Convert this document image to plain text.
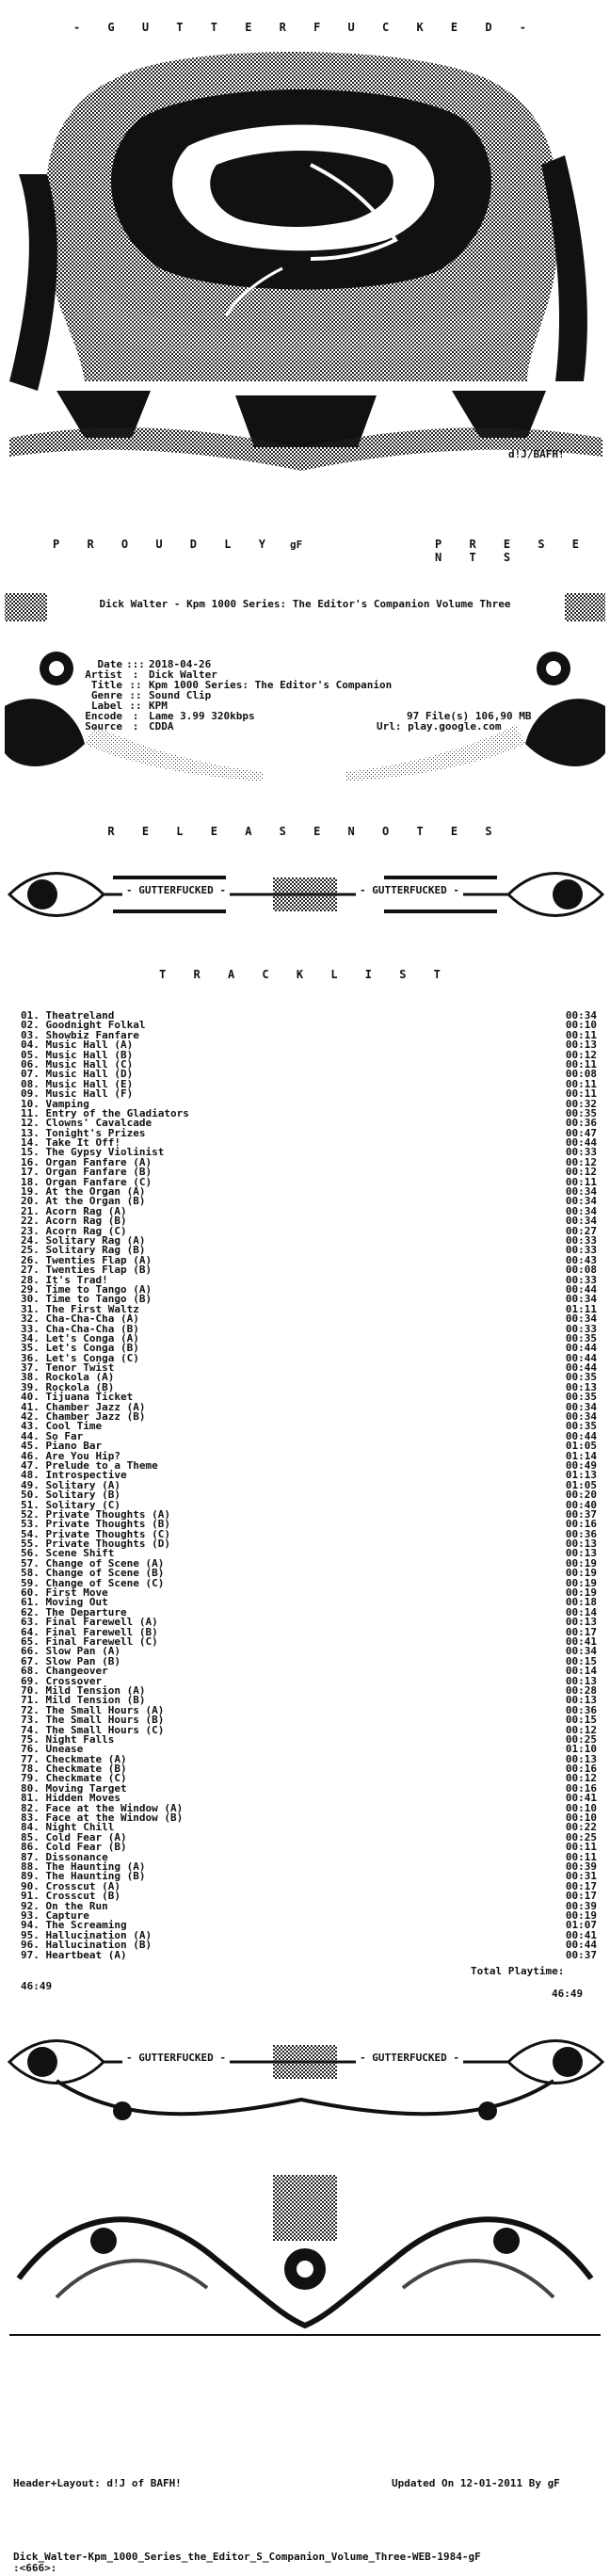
- G U T T E R F U C K E D -
d!J/BAFH!
P R O U D L Y gF	P R E S E N T S
Dick Walter - Kpm 1000 Series: The Editor's Companion Volume Three
Date ::: 2018-04-26
Artist : Dick Walter
Title :: Kpm 1000 Series: The Editor's Companion
Genre :: Sound Clip
Label :: KPM
Encode : Lame 3.99 320kbps
Source : CDDA
97 File(s) 106,90 MB
Url: play.google.com
R E L E A S E N O T E S
- GUTTERFUCKED -	- GUTTERFUCKED -
T R A C K L I S T
01. Theatreland	00:34
02. Goodnight Folkal	00:10
03. Showbiz Fanfare	00:11
04. Music Hall (A)	00:13
05. Music Hall (B)	00:12
06. Music Hall (C)	00:11
07. Music Hall (D)	00:08
08. Music Hall (E)	00:11
09. Music Hall (F)	00:11
10. Vamping	00:32
11. Entry of the Gladiators	00:35
12. Clowns' Cavalcade	00:36
13. Tonight's Prizes	00:47
14. Take It Off!	00:44
15. The Gypsy Violinist	00:33
16. Organ Fanfare (A)	00:12
17. Organ Fanfare (B)	00:12
18. Organ Fanfare (C)	00:11
19. At the Organ (A)	00:34
20. At the Organ (B)	00:34
21. Acorn Rag (A)	00:34
22. Acorn Rag (B)	00:34
23. Acorn Rag (C)	00:27
24. Solitary Rag (A)	00:33
25. Solitary Rag (B)	00:33
26. Twenties Flap (A)	00:43
27. Twenties Flap (B)	00:08
28. It's Trad!	00:33
29. Time to Tango (A)	00:44
30. Time to Tango (B)	00:34
31. The First Waltz	01:11
32. Cha-Cha-Cha (A)	00:34
33. Cha-Cha-Cha (B)	00:33
34. Let's Conga (A)	00:35
35. Let's Conga (B)	00:44
36. Let's Conga (C)	00:44
37. Tenor Twist	00:44
38. Rockola (A)	00:35
39. Rockola (B)	00:13
40. Tijuana Ticket	00:35
41. Chamber Jazz (A)	00:34
42. Chamber Jazz (B)	00:34
43. Cool Time	00:35
44. So Far	00:44
45. Piano Bar	01:05
46. Are You Hip?	01:14
47. Prelude to a Theme	00:49
48. Introspective	01:13
49. Solitary (A)	01:05
50. Solitary (B)	00:20
51. Solitary (C)	00:40
52. Private Thoughts (A)	00:37
53. Private Thoughts (B)	00:16
54. Private Thoughts (C)	00:36
55. Private Thoughts (D)	00:13
56. Scene Shift	00:13
57. Change of Scene (A)	00:19
58. Change of Scene (B)	00:19
59. Change of Scene (C)	00:19
60. First Move	00:19
61. Moving Out	00:18
62. The Departure	00:14
63. Final Farewell (A)	00:13
64. Final Farewell (B)	00:17
65. Final Farewell (C)	00:41
66. Slow Pan (A)	00:34
67. Slow Pan (B)	00:15
68. Changeover	00:14
69. Crossover	00:13
70. Mild Tension (A)	00:28
71. Mild Tension (B)	00:13
72. The Small Hours (A)	00:36
73. The Small Hours (B)	00:15
74. The Small Hours (C)	00:12
75. Night Falls	00:25
76. Unease	01:10
77. Checkmate (A)	00:13
78. Checkmate (B)	00:16
79. Checkmate (C)	00:12
80. Moving Target	00:16
81. Hidden Moves	00:41
82. Face at the Window (A)	00:10
83. Face at the Window (B)	00:10
84. Night Chill	00:22
85. Cold Fear (A)	00:25
86. Cold Fear (B)	00:11
87. Dissonance	00:11
88. The Haunting (A)	00:39
89. The Haunting (B)	00:31
90. Crosscut (A)	00:17
91. Crosscut (B)	00:17
92. On the Run	00:39
93. Capture	00:19
94. The Screaming	01:07
95. Hallucination (A)	00:41
96. Hallucination (B)	00:44
97. Heartbeat (A)	00:37
Total Playtime:
46:49
46:49
- GUTTERFUCKED -	- GUTTERFUCKED -
Header+Layout: d!J of BAFH!	Updated On 12-01-2011 By gF
Dick_Walter-Kpm_1000_Series_the_Editor_S_Companion_Volume_Three-WEB-1984-gF
:<666>:
